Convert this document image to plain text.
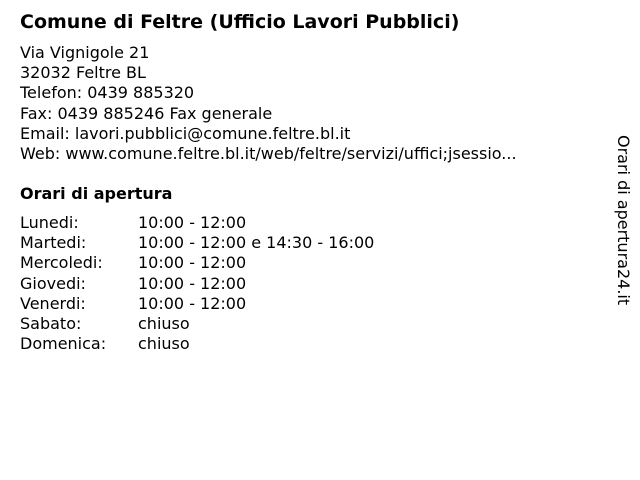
Comune di Feltre (Ufficio Lavori Pubblici)
Via Vignigole 21
32032 Feltre BL
Telefon: 0439 885320
Fax: 0439 885246 Fax generale
Email: lavori.pubblici@comune.feltre.bl.it
Web: www.comune.feltre.bl.it/web/feltre/servizi/uffici;jsessio...
Orari di apertura
Lunedi:	10:00 - 12:00
Martedi:	10:00 - 12:00 e 14:30 - 16:00
Mercoledi: 10:00 - 12:00
Giovedi:	10:00 - 12:00
Venerdi:	10:00 - 12:00
Sabato:	chiuso
Domenica: chiuso
Orari di apertura24.it
